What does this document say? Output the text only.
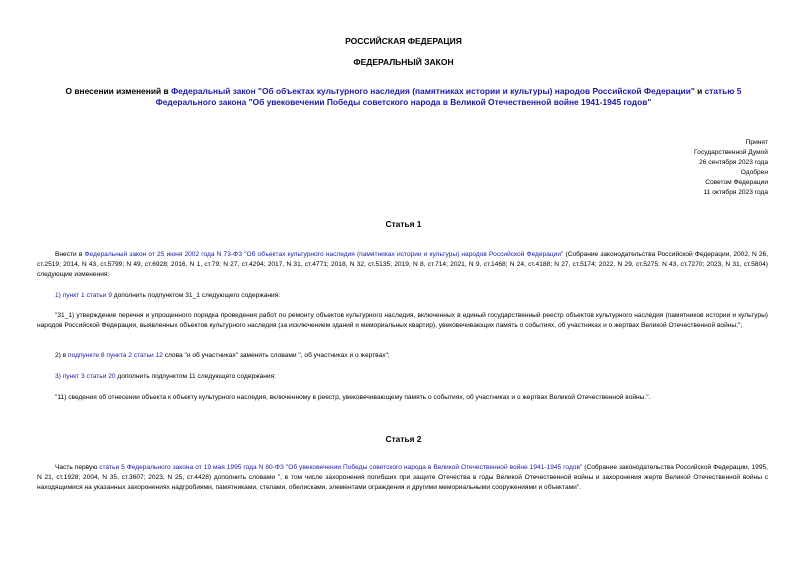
РОССИЙСКАЯ ФЕДЕРАЦИЯ
ФЕДЕРАЛЬНЫЙ ЗАКОН
О внесении изменений в Федеральный закон "Об объектах культурного наследия (памятниках истории и культуры) народов Российской Федерации" и статью 5 Федерального закона "Об увековечении Победы советского народа в Великой Отечественной войне 1941-1945 годов"
Принят
Государственной Думой
26 сентября 2023 года
Одобрен
Советом Федерации
11 октября 2023 года
Статья 1
Внести в Федеральный закон от 25 июня 2002 года N 73-ФЗ "Об объектах культурного наследия (памятниках истории и культуры) народов Российской Федерации" (Собрание законодательства Российской Федерации, 2002, N 26, ст.2519; 2014, N 43, ст.5799; N 49, ст.6928; 2016, N 1, ст.79; N 27, ст.4294; 2017, N 31, ст.4771; 2018, N 32, ст.5135; 2019, N 8, ст.714; 2021, N 9, ст.1468; N 24, ст.4188; N 27, ст.5174; 2022, N 29, ст.5275; N 43, ст.7270; 2023, N 31, ст.5804) следующие изменения:
1) пункт 1 статьи 9 дополнить подпунктом 31_1 следующего содержания:
"31_1) утверждение перечня и упрощенного порядка проведения работ по ремонту объектов культурного наследия, включенных в единый государственный реестр объектов культурного наследия (памятников истории и культуры) народов Российской Федерации, выявленных объектов культурного наследия (за исключением зданий и мемориальных квартир), увековечивающих память о событиях, об участниках и о жертвах Великой Отечественной войны;";
2) в подпункте 8 пункта 2 статьи 12 слова "и об участниках" заменить словами ", об участниках и о жертвах";
3) пункт 3 статьи 20 дополнить подпунктом 11 следующего содержания:
"11) сведения об отнесении объекта к объекту культурного наследия, включенному в реестр, увековечивающему память о событиях, об участниках и о жертвах Великой Отечественной войны.".
Статья 2
Часть первую статьи 5 Федерального закона от 19 мая 1995 года N 80-ФЗ "Об увековечении Победы советского народа в Великой Отечественной войне 1941-1945 годов" (Собрание законодательства Российской Федерации, 1995, N 21, ст.1928; 2004, N 35, ст.3607; 2023, N 25, ст.4428) дополнить словами ", в том числе захоронения погибших при защите Отечества в годы Великой Отечественной войны и захоронения жертв Великой Отечественной войны с находящимися на указанных захоронениях надгробиями, памятниками, стелами, обелисками, элементами ограждения и другими мемориальными сооружениями и объектами".
